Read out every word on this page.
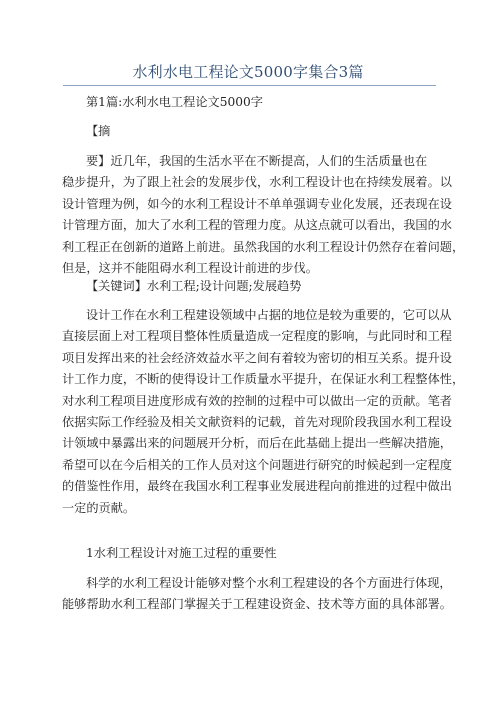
水利水电工程论文5000字集合3篇
第1篇:水利水电工程论文5000字
【摘
要】近几年，我国的生活水平在不断提高，人们的生活质量也在
稳步提升，为了跟上社会的发展步伐，水利工程设计也在持续发展着。以
设计管理为例，如今的水利工程设计不单单强调专业化发展，还表现在设
计管理方面，加大了水利工程的管理力度。从这点就可以看出，我国的水
利工程正在创新的道路上前进。虽然我国的水利工程设计仍然存在着问题，
但是，这并不能阻碍水利工程设计前进的步伐。
【关键词】水利工程;设计问题;发展趋势
设计工作在水利工程建设领域中占据的地位是较为重要的，它可以从
直接层面上对工程项目整体性质量造成一定程度的影响，与此同时和工程
项目发挥出来的社会经济效益水平之间有着较为密切的相互关系。提升设
计工作力度，不断的使得设计工作质量水平提升，在保证水利工程整体性，
对水利工程项目进度形成有效的控制的过程中可以做出一定的贡献。笔者
依据实际工作经验及相关文献资料的记载，首先对现阶段我国水利工程设
计领域中暴露出来的问题展开分析，而后在此基础上提出一些解决措施，
希望可以在今后相关的工作人员对这个问题进行研究的时候起到一定程度
的借鉴性作用，最终在我国水利工程事业发展进程向前推进的过程中做出
一定的贡献。
1水利工程设计对施工过程的重要性
科学的水利工程设计能够对整个水利工程建设的各个方面进行体现，
能够帮助水利工程部门掌握关于工程建设资金、技术等方面的具体部署。
